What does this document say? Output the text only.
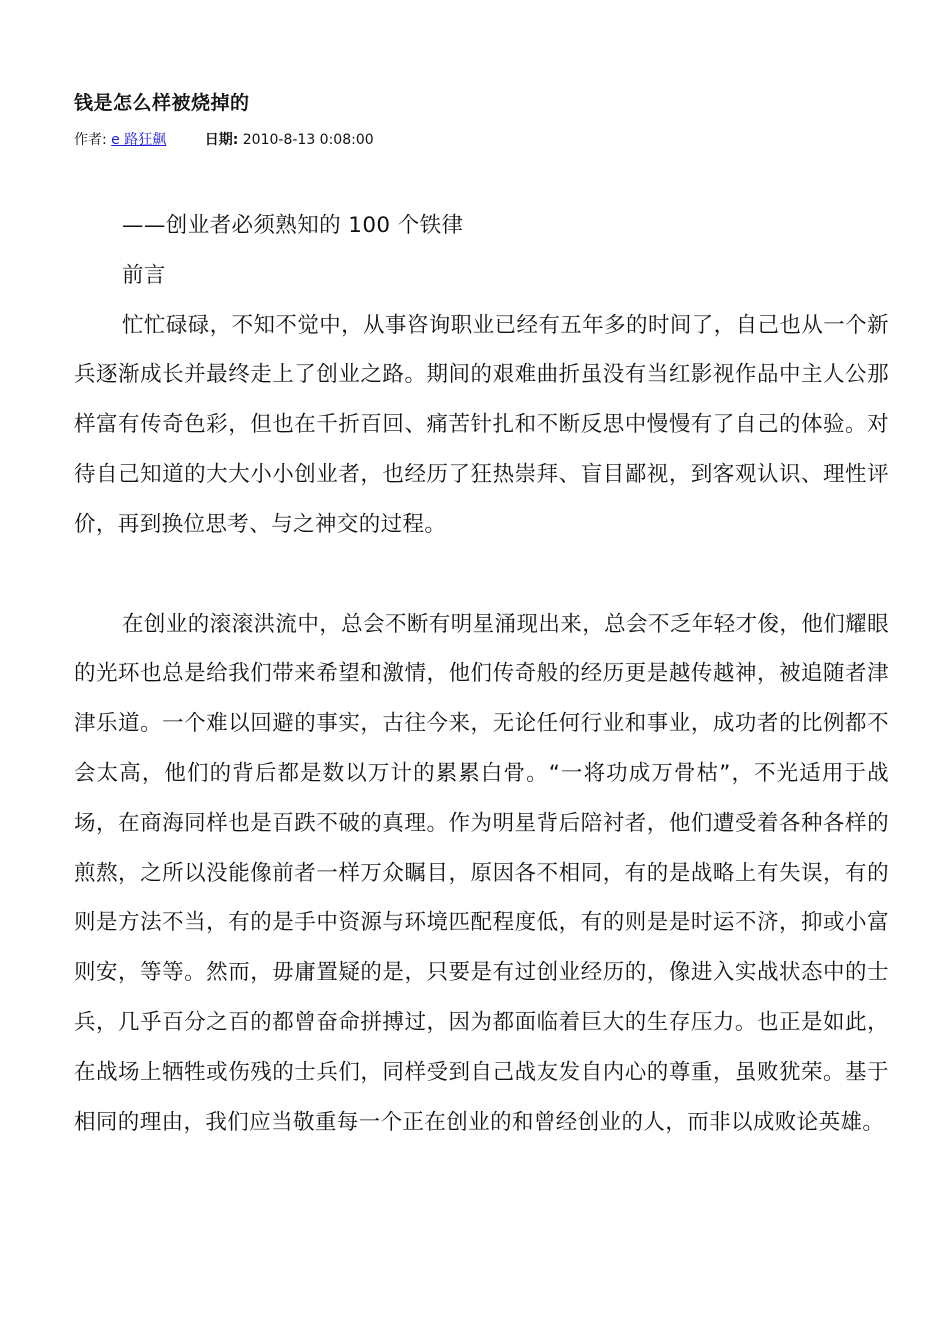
钱是怎么样被烧掉的
作者: e 路狂飙	日期: 2010-8-13 0:08:00

——创业者必须熟知的 100 个铁律

前言

忙忙碌碌，不知不觉中，从事咨询职业已经有五年多的时间了，自己也从一个新兵逐渐成长并最终走上了创业之路。期间的艰难曲折虽没有当红影视作品中主人公那样富有传奇色彩，但也在千折百回、痛苦针扎和不断反思中慢慢有了自己的体验。对待自己知道的大大小小创业者，也经历了狂热崇拜、盲目鄙视，到客观认识、理性评价，再到换位思考、与之神交的过程。

在创业的滚滚洪流中，总会不断有明星涌现出来，总会不乏年轻才俊，他们耀眼的光环也总是给我们带来希望和激情，他们传奇般的经历更是越传越神，被追随者津津乐道。一个难以回避的事实，古往今来，无论任何行业和事业，成功者的比例都不会太高，他们的背后都是数以万计的累累白骨。“一将功成万骨枯”，不光适用于战场，在商海同样也是百跌不破的真理。作为明星背后陪衬者，他们遭受着各种各样的煎熬，之所以没能像前者一样万众瞩目，原因各不相同，有的是战略上有失误，有的则是方法不当，有的是手中资源与环境匹配程度低，有的则是是时运不济，抑或小富则安，等等。然而，毋庸置疑的是，只要是有过创业经历的，像进入实战状态中的士兵，几乎百分之百的都曾奋命拼搏过，因为都面临着巨大的生存压力。也正是如此，在战场上牺牲或伤残的士兵们，同样受到自己战友发自内心的尊重，虽败犹荣。基于相同的理由，我们应当敬重每一个正在创业的和曾经创业的人，而非以成败论英雄。
